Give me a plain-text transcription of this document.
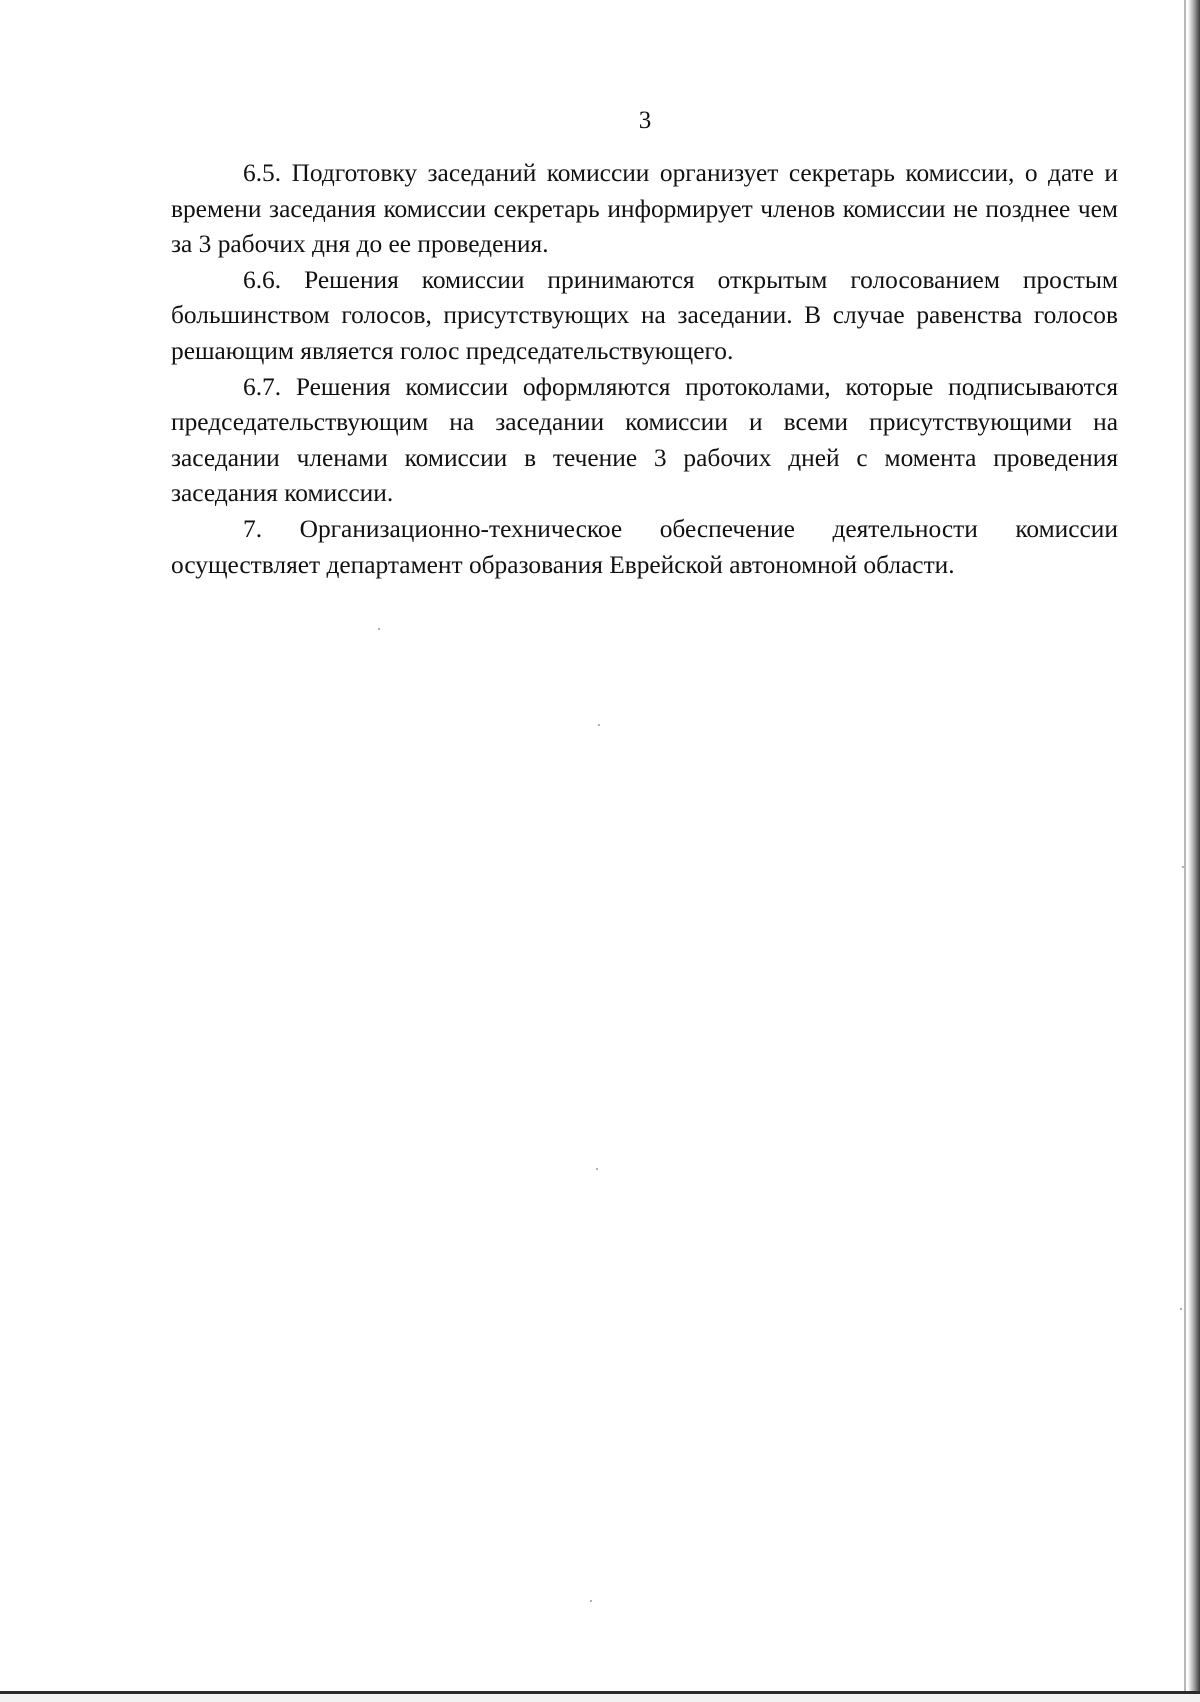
3

6.5. Подготовку заседаний комиссии организует секретарь комиссии, о дате и времени заседания комиссии секретарь информирует членов комиссии не позднее чем за 3 рабочих дня до ее проведения.

6.6. Решения комиссии принимаются открытым голосованием простым большинством голосов, присутствующих на заседании. В случае равенства голосов решающим является голос председательствующего.

6.7. Решения комиссии оформляются протоколами, которые подписываются председательствующим на заседании комиссии и всеми присутствующими на заседании членами комиссии в течение 3 рабочих дней с момента проведения заседания комиссии.

7. Организационно-техническое обеспечение деятельности комиссии осуществляет департамент образования Еврейской автономной области.
